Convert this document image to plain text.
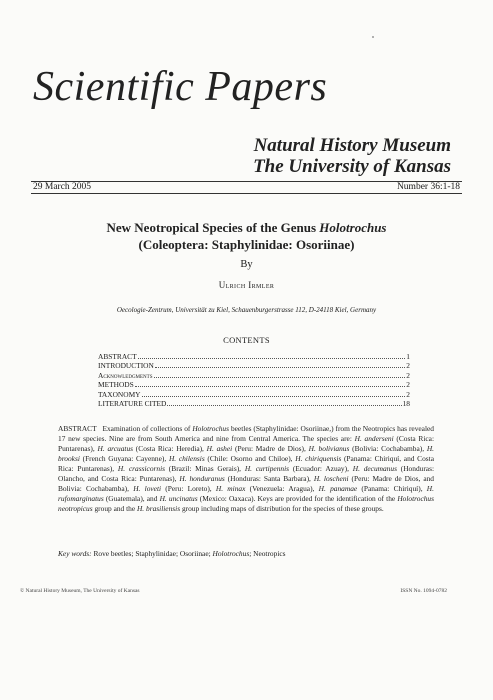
Scientific Papers
Natural History Museum
The University of Kansas
29 March 2005	Number 36:1-18
New Neotropical Species of the Genus Holotrochus
(Coleoptera: Staphylinidae: Osoriinae)
By
Ulrich Irmler
Oecologie-Zentrum, Universität zu Kiel, Schauenburgerstrasse 112, D-24118 Kiel, Germany
CONTENTS
ABSTRACT	1
INTRODUCTION	2
Acknowledgments	2
METHODS	2
TAXONOMY	2
LITERATURE CITED	18
ABSTRACT Examination of collections of Holotrochus beetles (Staphylinidae: Osoriinae,) from the Neotropics has revealed 17 new species. Nine are from South America and nine from Central America. The species are: H. anderseni (Costa Rica: Puntarenas), H. arcuatus (Costa Rica: Heredia), H. ashei (Peru: Madre de Dios), H. bolivianus (Bolivia: Cochabamba), H. brooksi (French Guyana: Cayenne), H. chilensis (Chile: Osorno and Chiloe), H. chiriquensis (Panama: Chiriquí, and Costa Rica: Puntarenas), H. crassicornis (Brazil: Minas Gerais), H. curtipennis (Ecuador: Azuay), H. decumanus (Honduras: Olancho, and Costa Rica: Puntarenas), H. honduranus (Honduras: Santa Barbara), H. loscheni (Peru: Madre de Dios, and Bolivia: Cochabamba), H. loveti (Peru: Loreto), H. minax (Venezuela: Aragua), H. panamae (Panama: Chiriquí), H. rufomarginatus (Guatemala), and H. uncinatus (Mexico: Oaxaca). Keys are provided for the identification of the Holotrochus neotropicus group and the H. brasiliensis group including maps of distribution for the species of these groups.
Key words: Rove beetles; Staphylinidae; Osoriinae; Holotrochus; Neotropics
© Natural History Museum, The University of Kansas	ISSN No. 1094-0782
